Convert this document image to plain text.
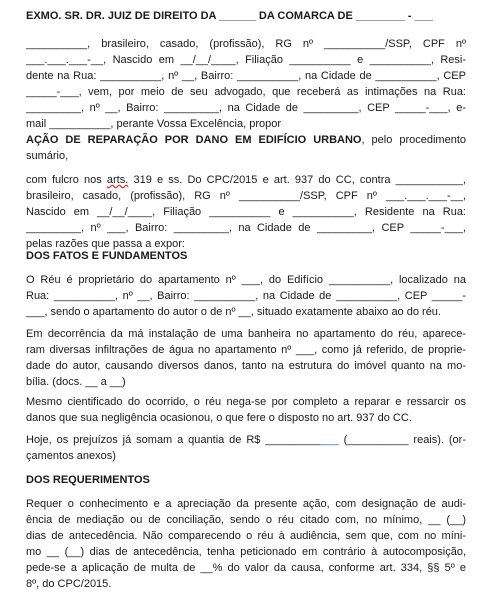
EXMO. SR. DR. JUIZ DE DIREITO DA ______ DA COMARCA DE ________ - ___

__________, brasileiro, casado, (profissão), RG nº __________/SSP, CPF nº

___.___.___-__, Nascido em __/__/____, Filiação __________ e __________, Resi-

dente na Rua: __________, nº __, Bairro: __________, na Cidade de __________, CEP

_____-___, vem, por meio de seu advogado, que receberá as intimações na Rua:

_________, nº __, Bairro: _________, na Cidade de _________, CEP _____-___, e-

mail __________, perante Vossa Excelência, propor

AÇÃO DE REPARAÇÃO POR DANO EM EDIFÍCIO URBANO, pelo procedimento

sumário,

com fulcro nos arts. 319 e ss. Do CPC/2015 e art. 937 do CC, contra ___________,

brasileiro, casado, (profissão), RG nº __________/SSP, CPF nº ___.___.___-__,

Nascido em __/__/____, Filiação __________ e __________, Residente na Rua:

_________, nº ___, Bairro: _________, na Cidade de _________, CEP _____-___,

pelas razões que passa a expor:

DOS FATOS E FUNDAMENTOS

O Réu é proprietário do apartamento nº ___, do Edifício __________, localizado na

Rua: __________, nº __, Bairro: __________, na Cidade de __________, CEP _____-

___, sendo o apartamento do autor o de nº __, situado exatamente abaixo ao do réu.

Em decorrência da má instalação de uma banheira no apartamento do réu, aparece-

ram diversas infiltrações de água no apartamento nº ___, como já referido, de proprie-

dade do autor, causando diversos danos, tanto na estrutura do imóvel quanto na mo-

bília. (docs. __ a __)

Mesmo cientificado do ocorrido, o réu nega-se por completo a reparar e ressarcir os

danos que sua negligência ocasionou, o que fere o disposto no art. 937 do CC.

Hoje, os prejuízos já somam a quantia de R$ ____________ (__________ reais). (or-

çamentos anexos)

DOS REQUERIMENTOS

Requer o conhecimento e a apreciação da presente ação, com designação de audi-

ência de mediação ou de conciliação, sendo o réu citado com, no mínimo, __ (__)

dias de antecedência. Não comparecendo o réu à audiência, sem que, com no míni-

mo __ (__) dias de antecedência, tenha peticionado em contrário à autocomposição,

pede-se a aplicação de multa de __% do valor da causa, conforme art. 334, §§ 5º e

8º, do CPC/2015.
